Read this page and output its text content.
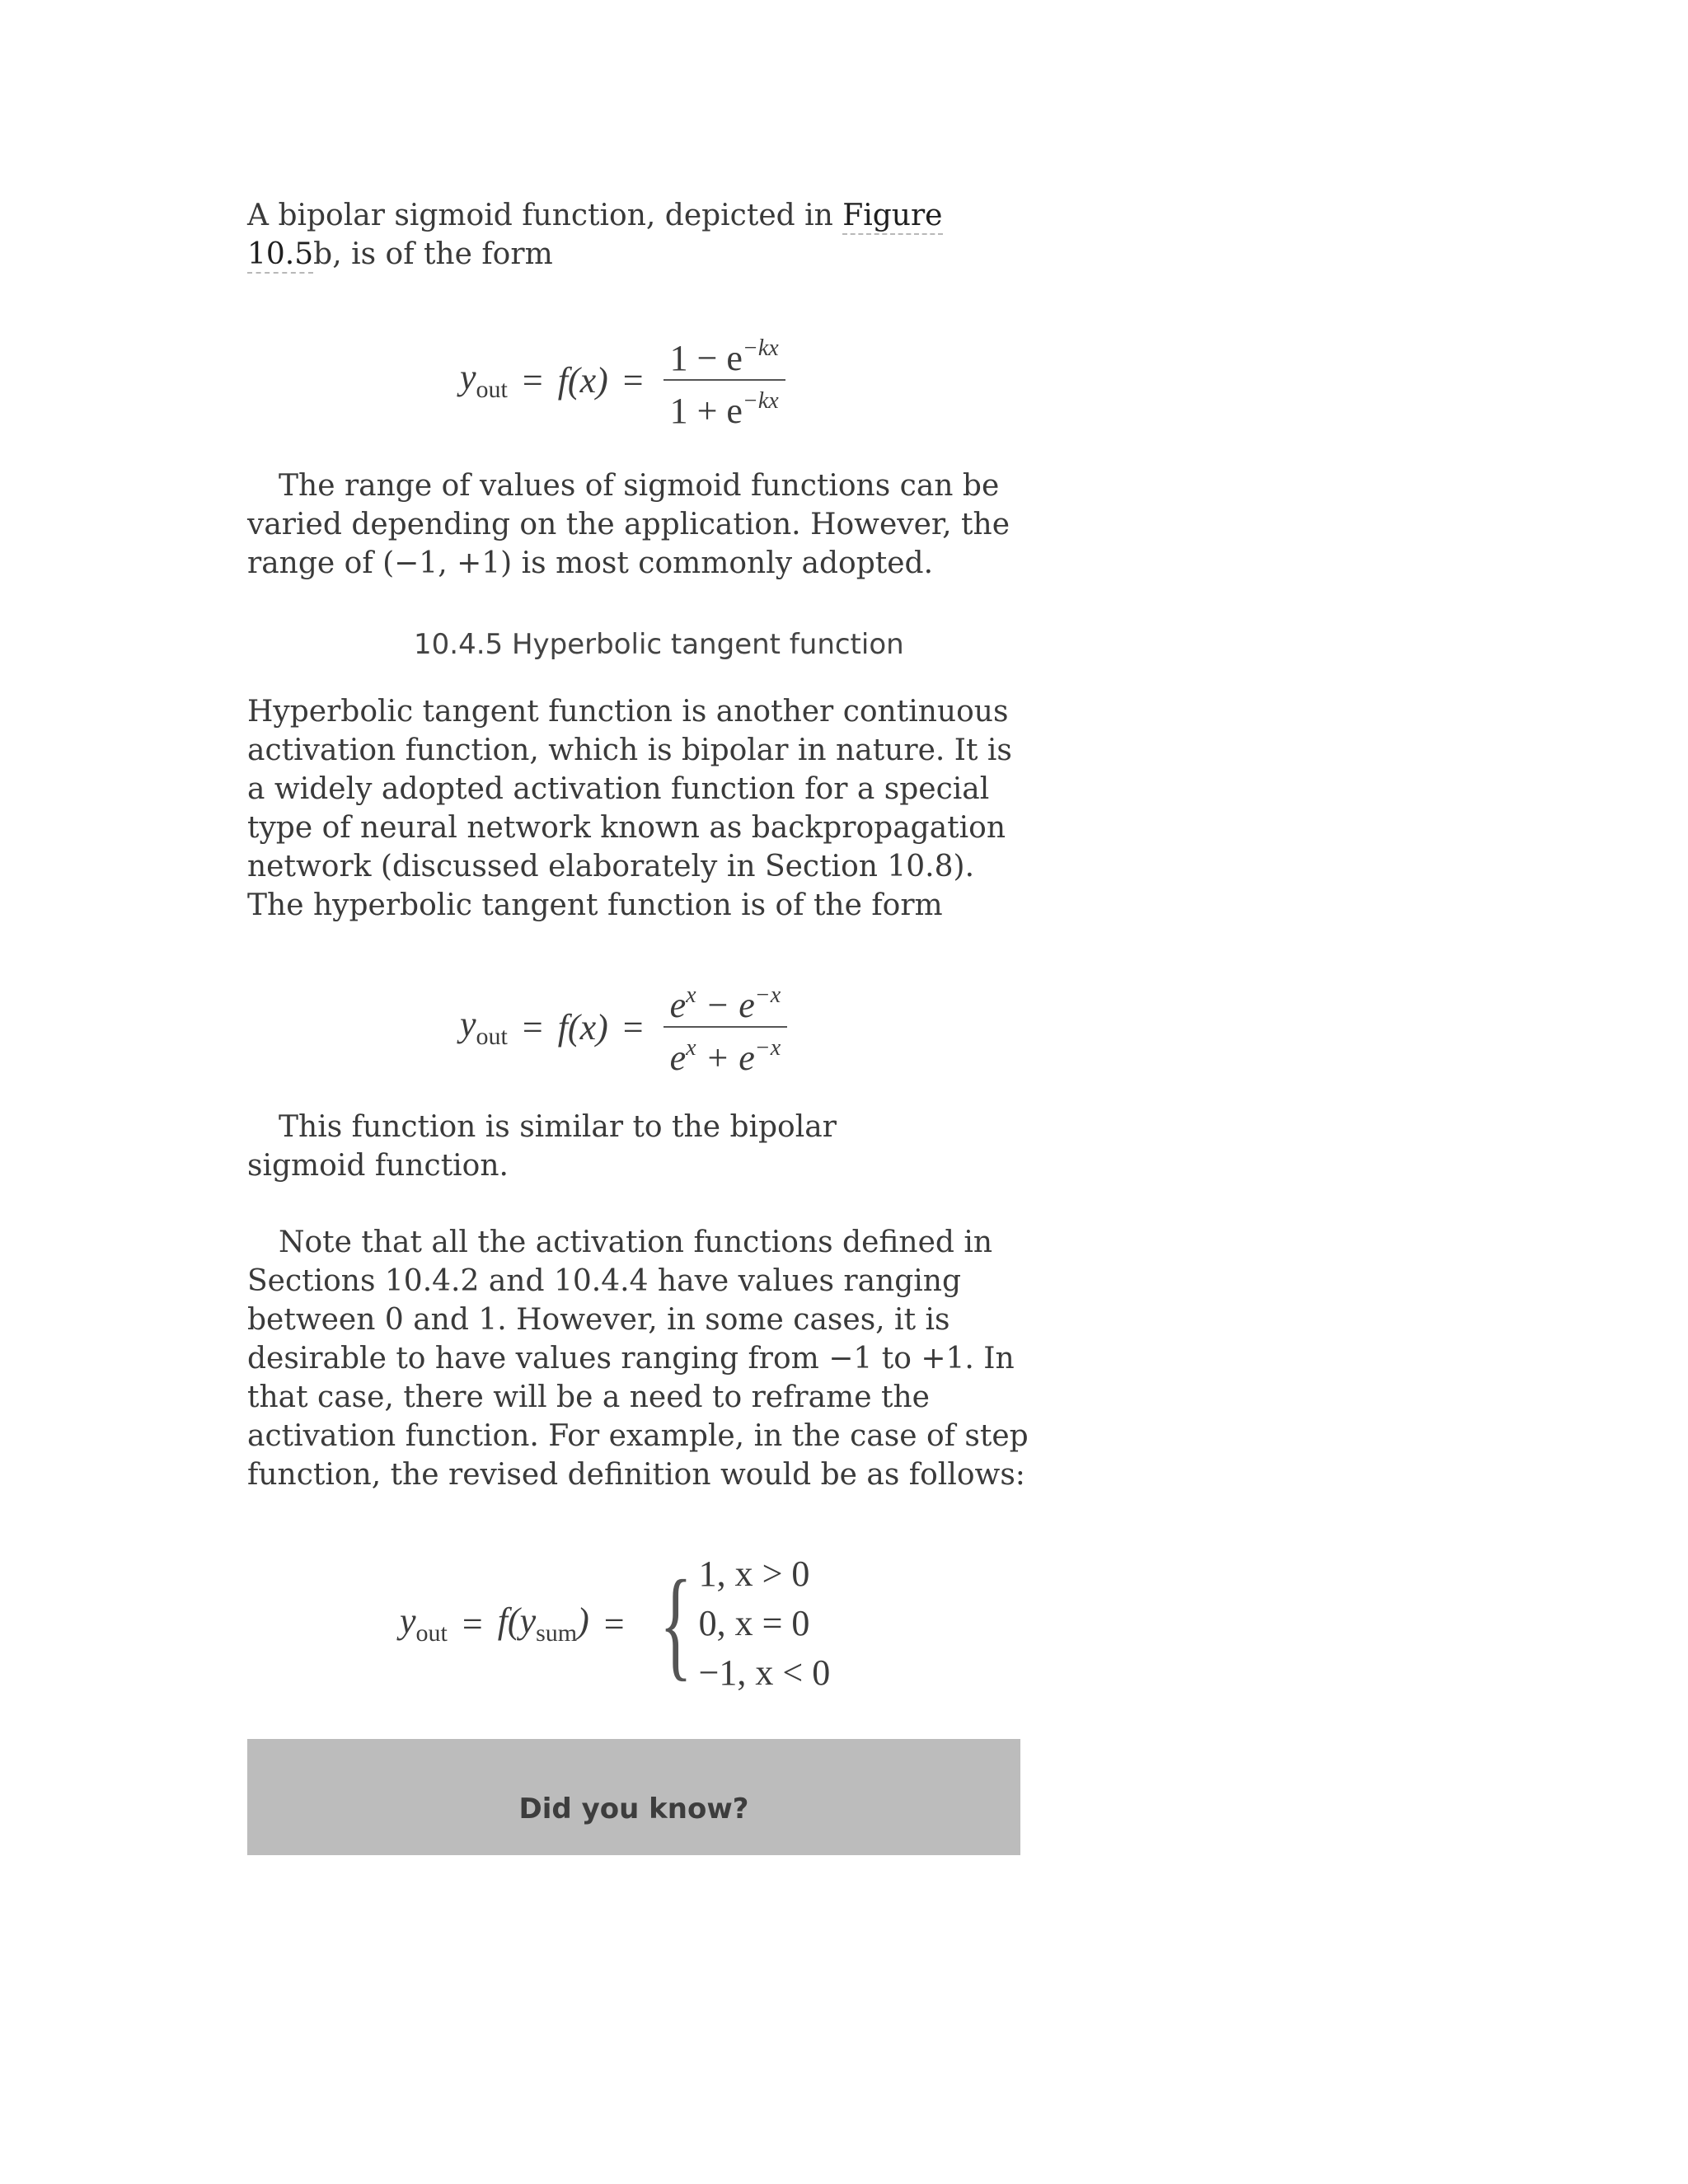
A bipolar sigmoid function, depicted in Figure 10.5b, is of the form

$y_{out} = f(x) = \frac{1 - e^{-kx}}{1 + e^{-kx}}$

The range of values of sigmoid functions can be varied depending on the application. However, the range of (−1, +1) is most commonly adopted.

10.4.5 Hyperbolic tangent function

Hyperbolic tangent function is another continuous activation function, which is bipolar in nature. It is a widely adopted activation function for a special type of neural network known as backpropagation network (discussed elaborately in Section 10.8). The hyperbolic tangent function is of the form

$y_{out} = f(x) = \frac{e^x - e^{-x}}{e^x + e^{-x}}$

This function is similar to the bipolar sigmoid function.

Note that all the activation functions defined in Sections 10.4.2 and 10.4.4 have values ranging between 0 and 1. However, in some cases, it is desirable to have values ranging from −1 to +1. In that case, there will be a need to reframe the activation function. For example, in the case of step function, the revised definition would be as follows:

$y_{out} = f(y_{sum})$ = { 1, x > 0
0, x = 0
−1, x < 0
Did you know?
